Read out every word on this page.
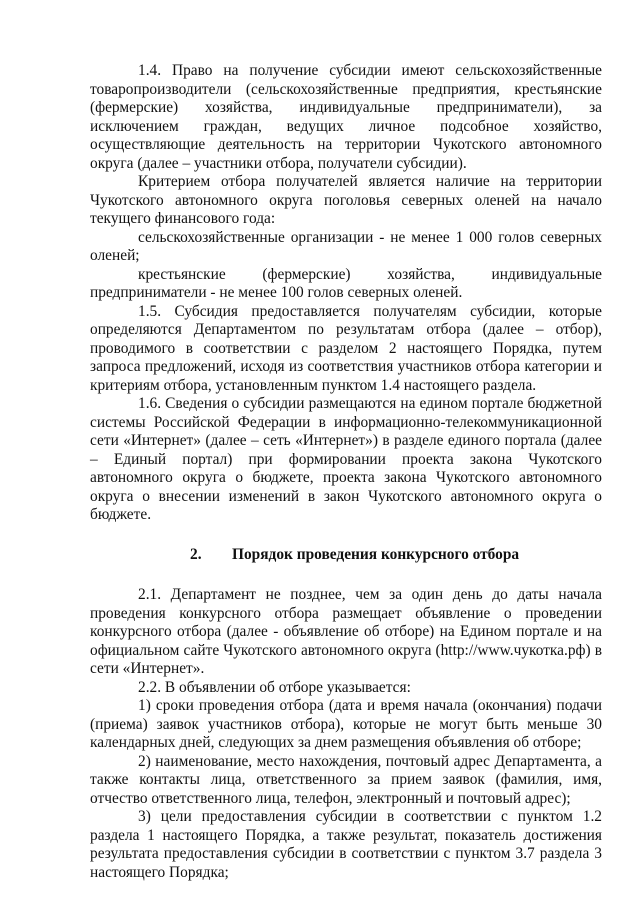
1.4. Право на получение субсидии имеют сельскохозяйственные товаропроизводители (сельскохозяйственные предприятия, крестьянские (фермерские) хозяйства, индивидуальные предприниматели), за исключением граждан, ведущих личное подсобное хозяйство, осуществляющие деятельность на территории Чукотского автономного округа (далее – участники отбора, получатели субсидии).

Критерием отбора получателей является наличие на территории Чукотского автономного округа поголовья северных оленей на начало текущего финансового года:

сельскохозяйственные организации - не менее 1 000 голов северных оленей;

крестьянские (фермерские) хозяйства, индивидуальные предприниматели - не менее 100 голов северных оленей.

1.5. Субсидия предоставляется получателям субсидии, которые определяются Департаментом по результатам отбора (далее – отбор), проводимого в соответствии с разделом 2 настоящего Порядка, путем запроса предложений, исходя из соответствия участников отбора категории и критериям отбора, установленным пунктом 1.4 настоящего раздела.

1.6. Сведения о субсидии размещаются на едином портале бюджетной системы Российской Федерации в информационно-телекоммуникационной сети «Интернет» (далее – сеть «Интернет») в разделе единого портала (далее – Единый портал) при формировании проекта закона Чукотского автономного округа о бюджете, проекта закона Чукотского автономного округа о внесении изменений в закон Чукотского автономного округа о бюджете.

2. Порядок проведения конкурсного отбора

2.1. Департамент не позднее, чем за один день до даты начала проведения конкурсного отбора размещает объявление о проведении конкурсного отбора (далее - объявление об отборе) на Едином портале и на официальном сайте Чукотского автономного округа (http://www.чукотка.рф) в сети «Интернет».

2.2. В объявлении об отборе указывается:

1) сроки проведения отбора (дата и время начала (окончания) подачи (приема) заявок участников отбора), которые не могут быть меньше 30 календарных дней, следующих за днем размещения объявления об отборе;

2) наименование, место нахождения, почтовый адрес Департамента, а также контакты лица, ответственного за прием заявок (фамилия, имя, отчество ответственного лица, телефон, электронный и почтовый адрес);

3) цели предоставления субсидии в соответствии с пунктом 1.2 раздела 1 настоящего Порядка, а также результат, показатель достижения результата предоставления субсидии в соответствии с пунктом 3.7 раздела 3 настоящего Порядка;
